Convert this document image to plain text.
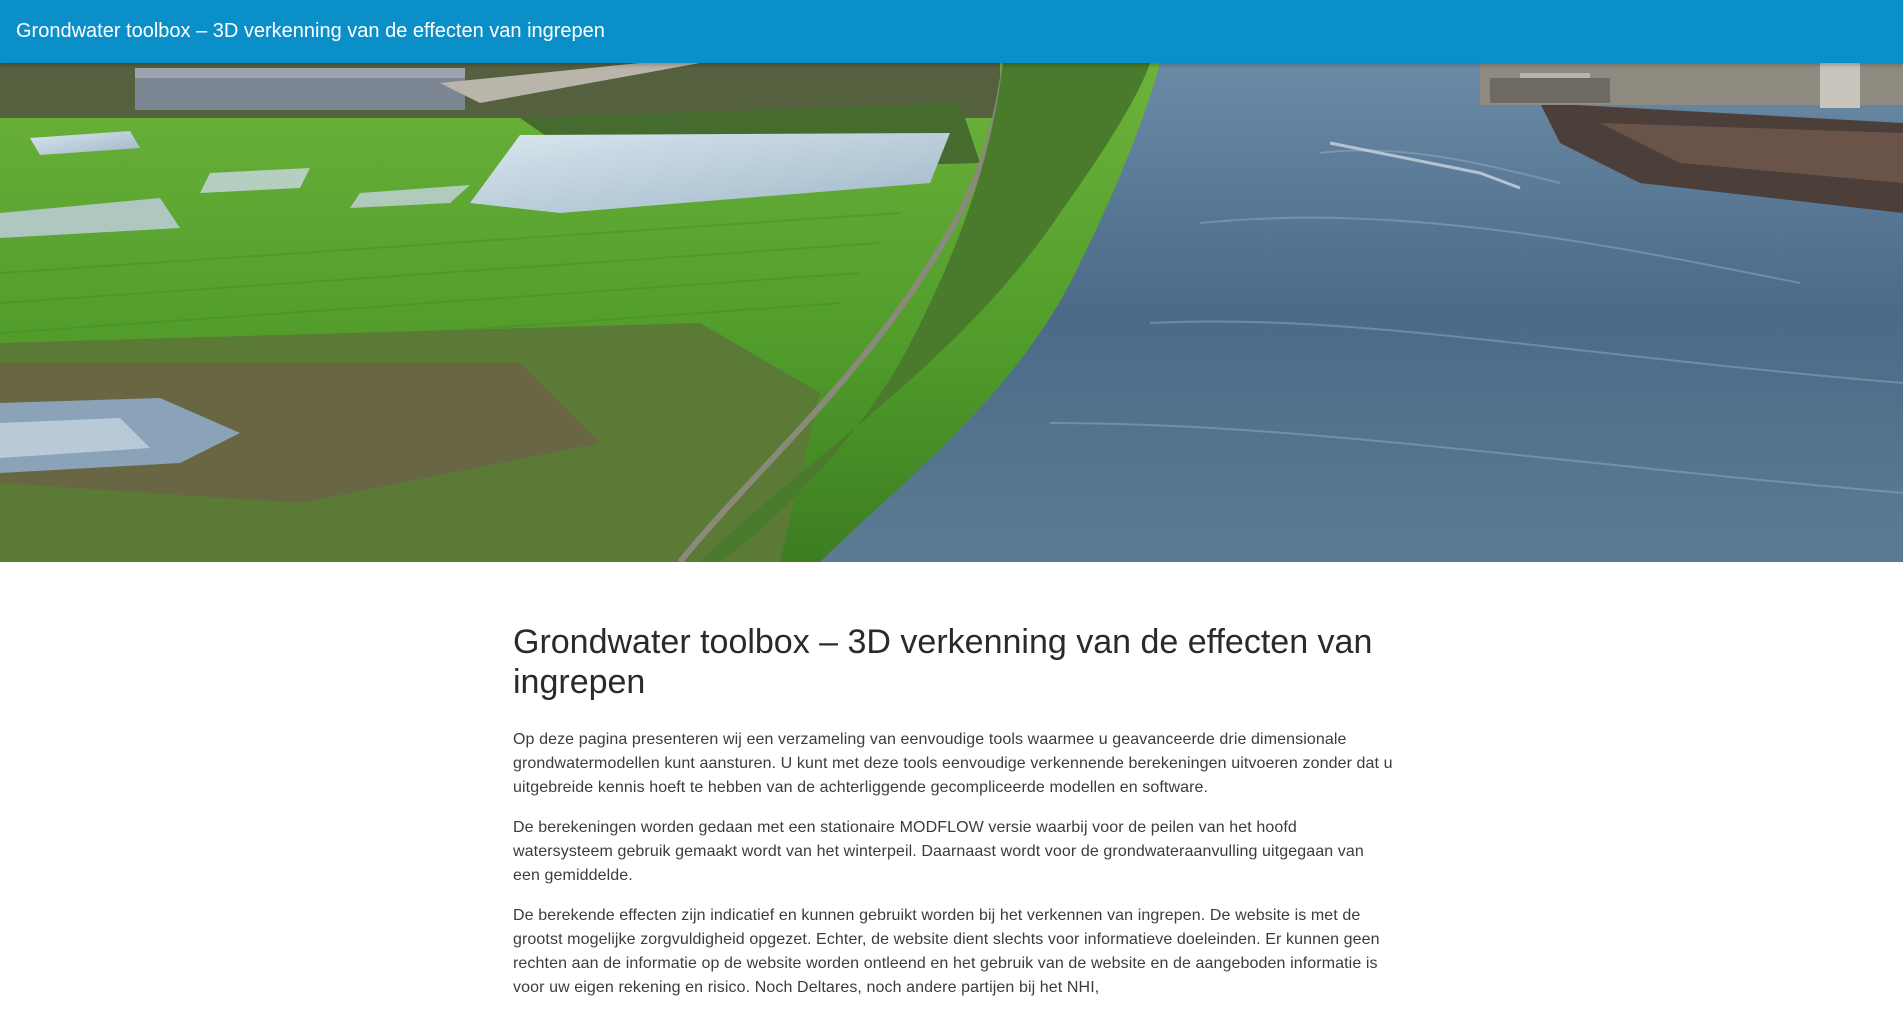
Grondwater toolbox – 3D verkenning van de effecten van ingrepen
Grondwater toolbox – 3D verkenning van de effecten van ingrepen

Op deze pagina presenteren wij een verzameling van eenvoudige tools waarmee u geavanceerde drie dimensionale grondwatermodellen kunt aansturen. U kunt met deze tools eenvoudige verkennende berekeningen uitvoeren zonder dat u uitgebreide kennis hoeft te hebben van de achterliggende gecompliceerde modellen en software.

De berekeningen worden gedaan met een stationaire MODFLOW versie waarbij voor de peilen van het hoofd watersysteem gebruik gemaakt wordt van het winterpeil. Daarnaast wordt voor de grondwateraanvulling uitgegaan van een gemiddelde.

De berekende effecten zijn indicatief en kunnen gebruikt worden bij het verkennen van ingrepen. De website is met de grootst mogelijke zorgvuldigheid opgezet. Echter, de website dient slechts voor informatieve doeleinden. Er kunnen geen rechten aan de informatie op de website worden ontleend en het gebruik van de website en de aangeboden informatie is voor uw eigen rekening en risico. Noch Deltares, noch andere partijen bij het NHI,
